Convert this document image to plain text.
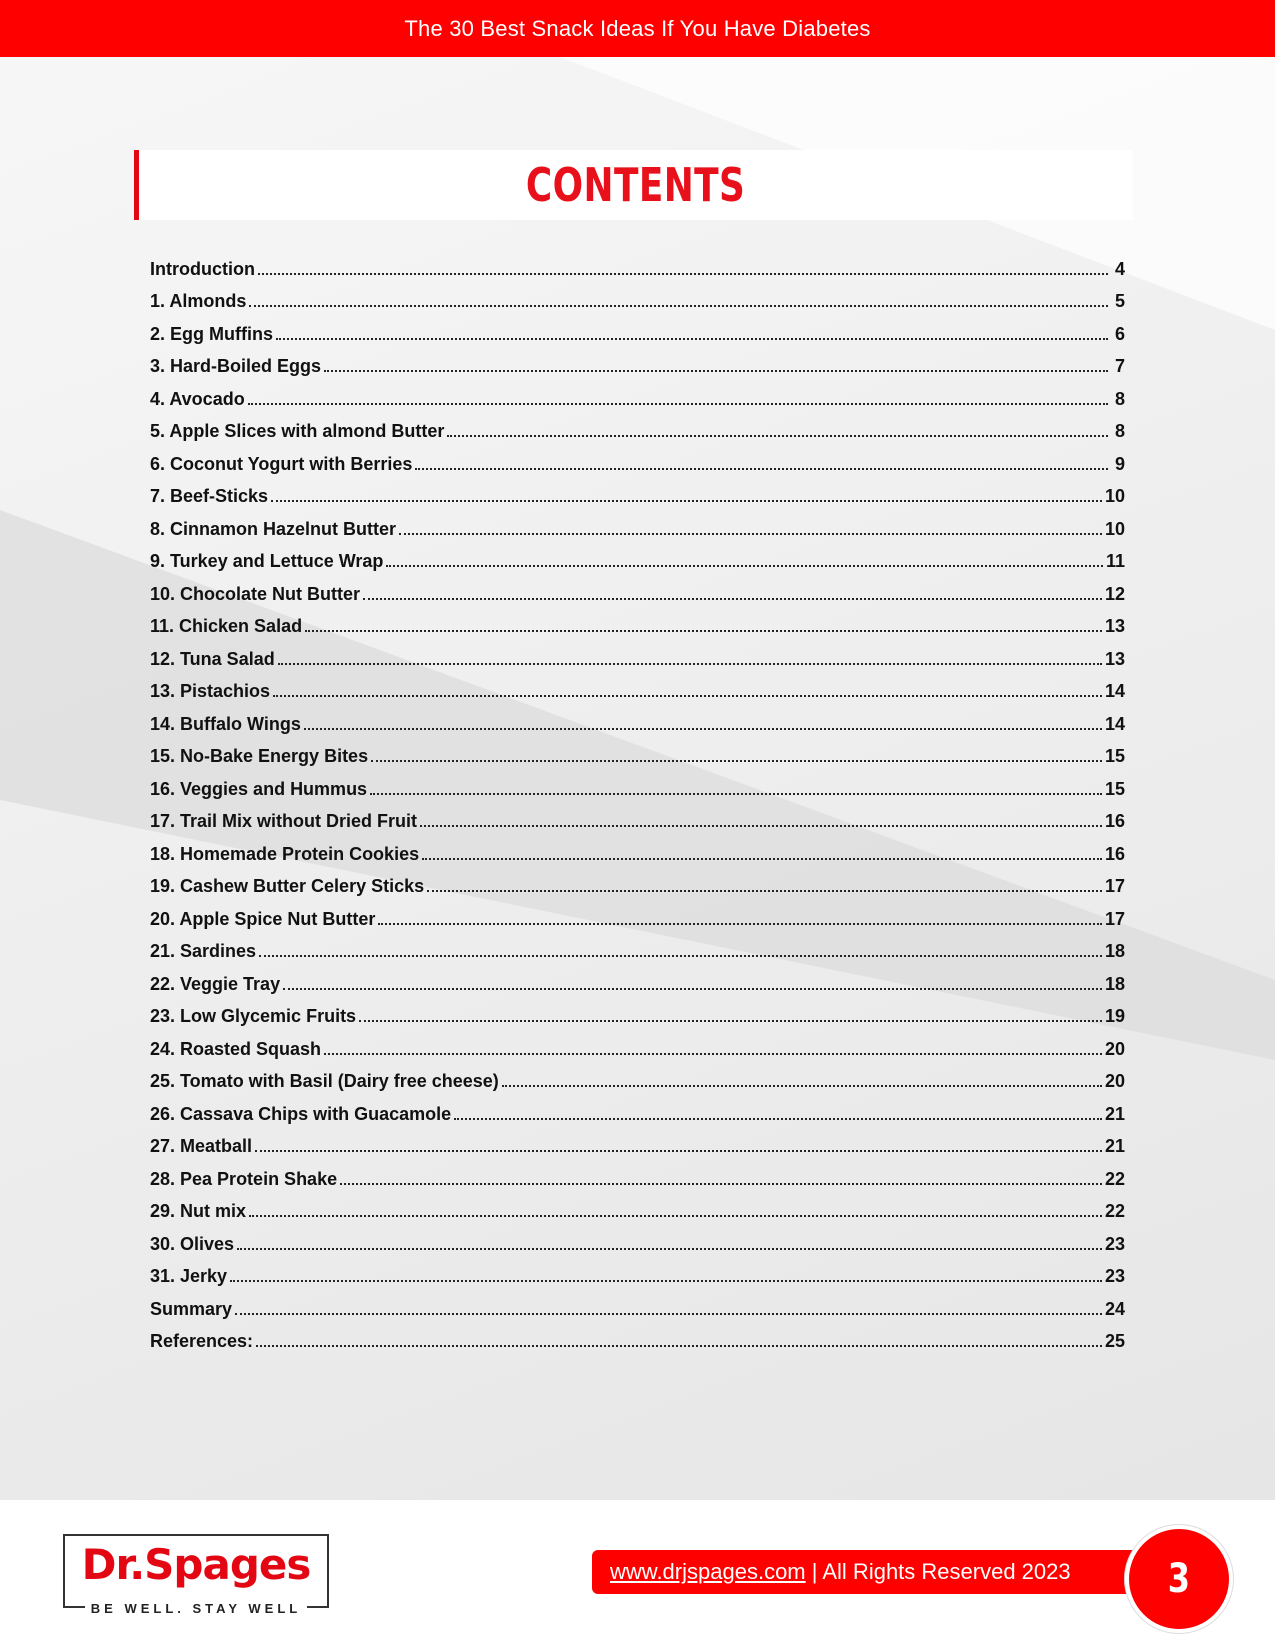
The 30 Best Snack Ideas If You Have Diabetes
CONTENTS
Introduction	4
1. Almonds	5
2. Egg Muffins	6
3. Hard-Boiled Eggs	7
4. Avocado	8
5. Apple Slices with almond Butter	8
6. Coconut Yogurt with Berries	9
7. Beef-Sticks	10
8. Cinnamon Hazelnut Butter	10
9. Turkey and Lettuce Wrap	11
10. Chocolate Nut Butter	12
11. Chicken Salad	13
12. Tuna Salad	13
13. Pistachios	14
14. Buffalo Wings	14
15. No-Bake Energy Bites	15
16. Veggies and Hummus	15
17. Trail Mix without Dried Fruit	16
18. Homemade Protein Cookies	16
19. Cashew Butter Celery Sticks	17
20. Apple Spice Nut Butter	17
21. Sardines	18
22. Veggie Tray	18
23. Low Glycemic Fruits	19
24. Roasted Squash	20
25. Tomato with Basil (Dairy free cheese)	20
26. Cassava Chips with Guacamole	21
27. Meatball	21
28. Pea Protein Shake	22
29. Nut mix	22
30. Olives	23
31. Jerky	23
Summary	24
References:	25
Dr.Spages
BE WELL. STAY WELL
www.drjspages.com | All Rights Reserved 2023 3
